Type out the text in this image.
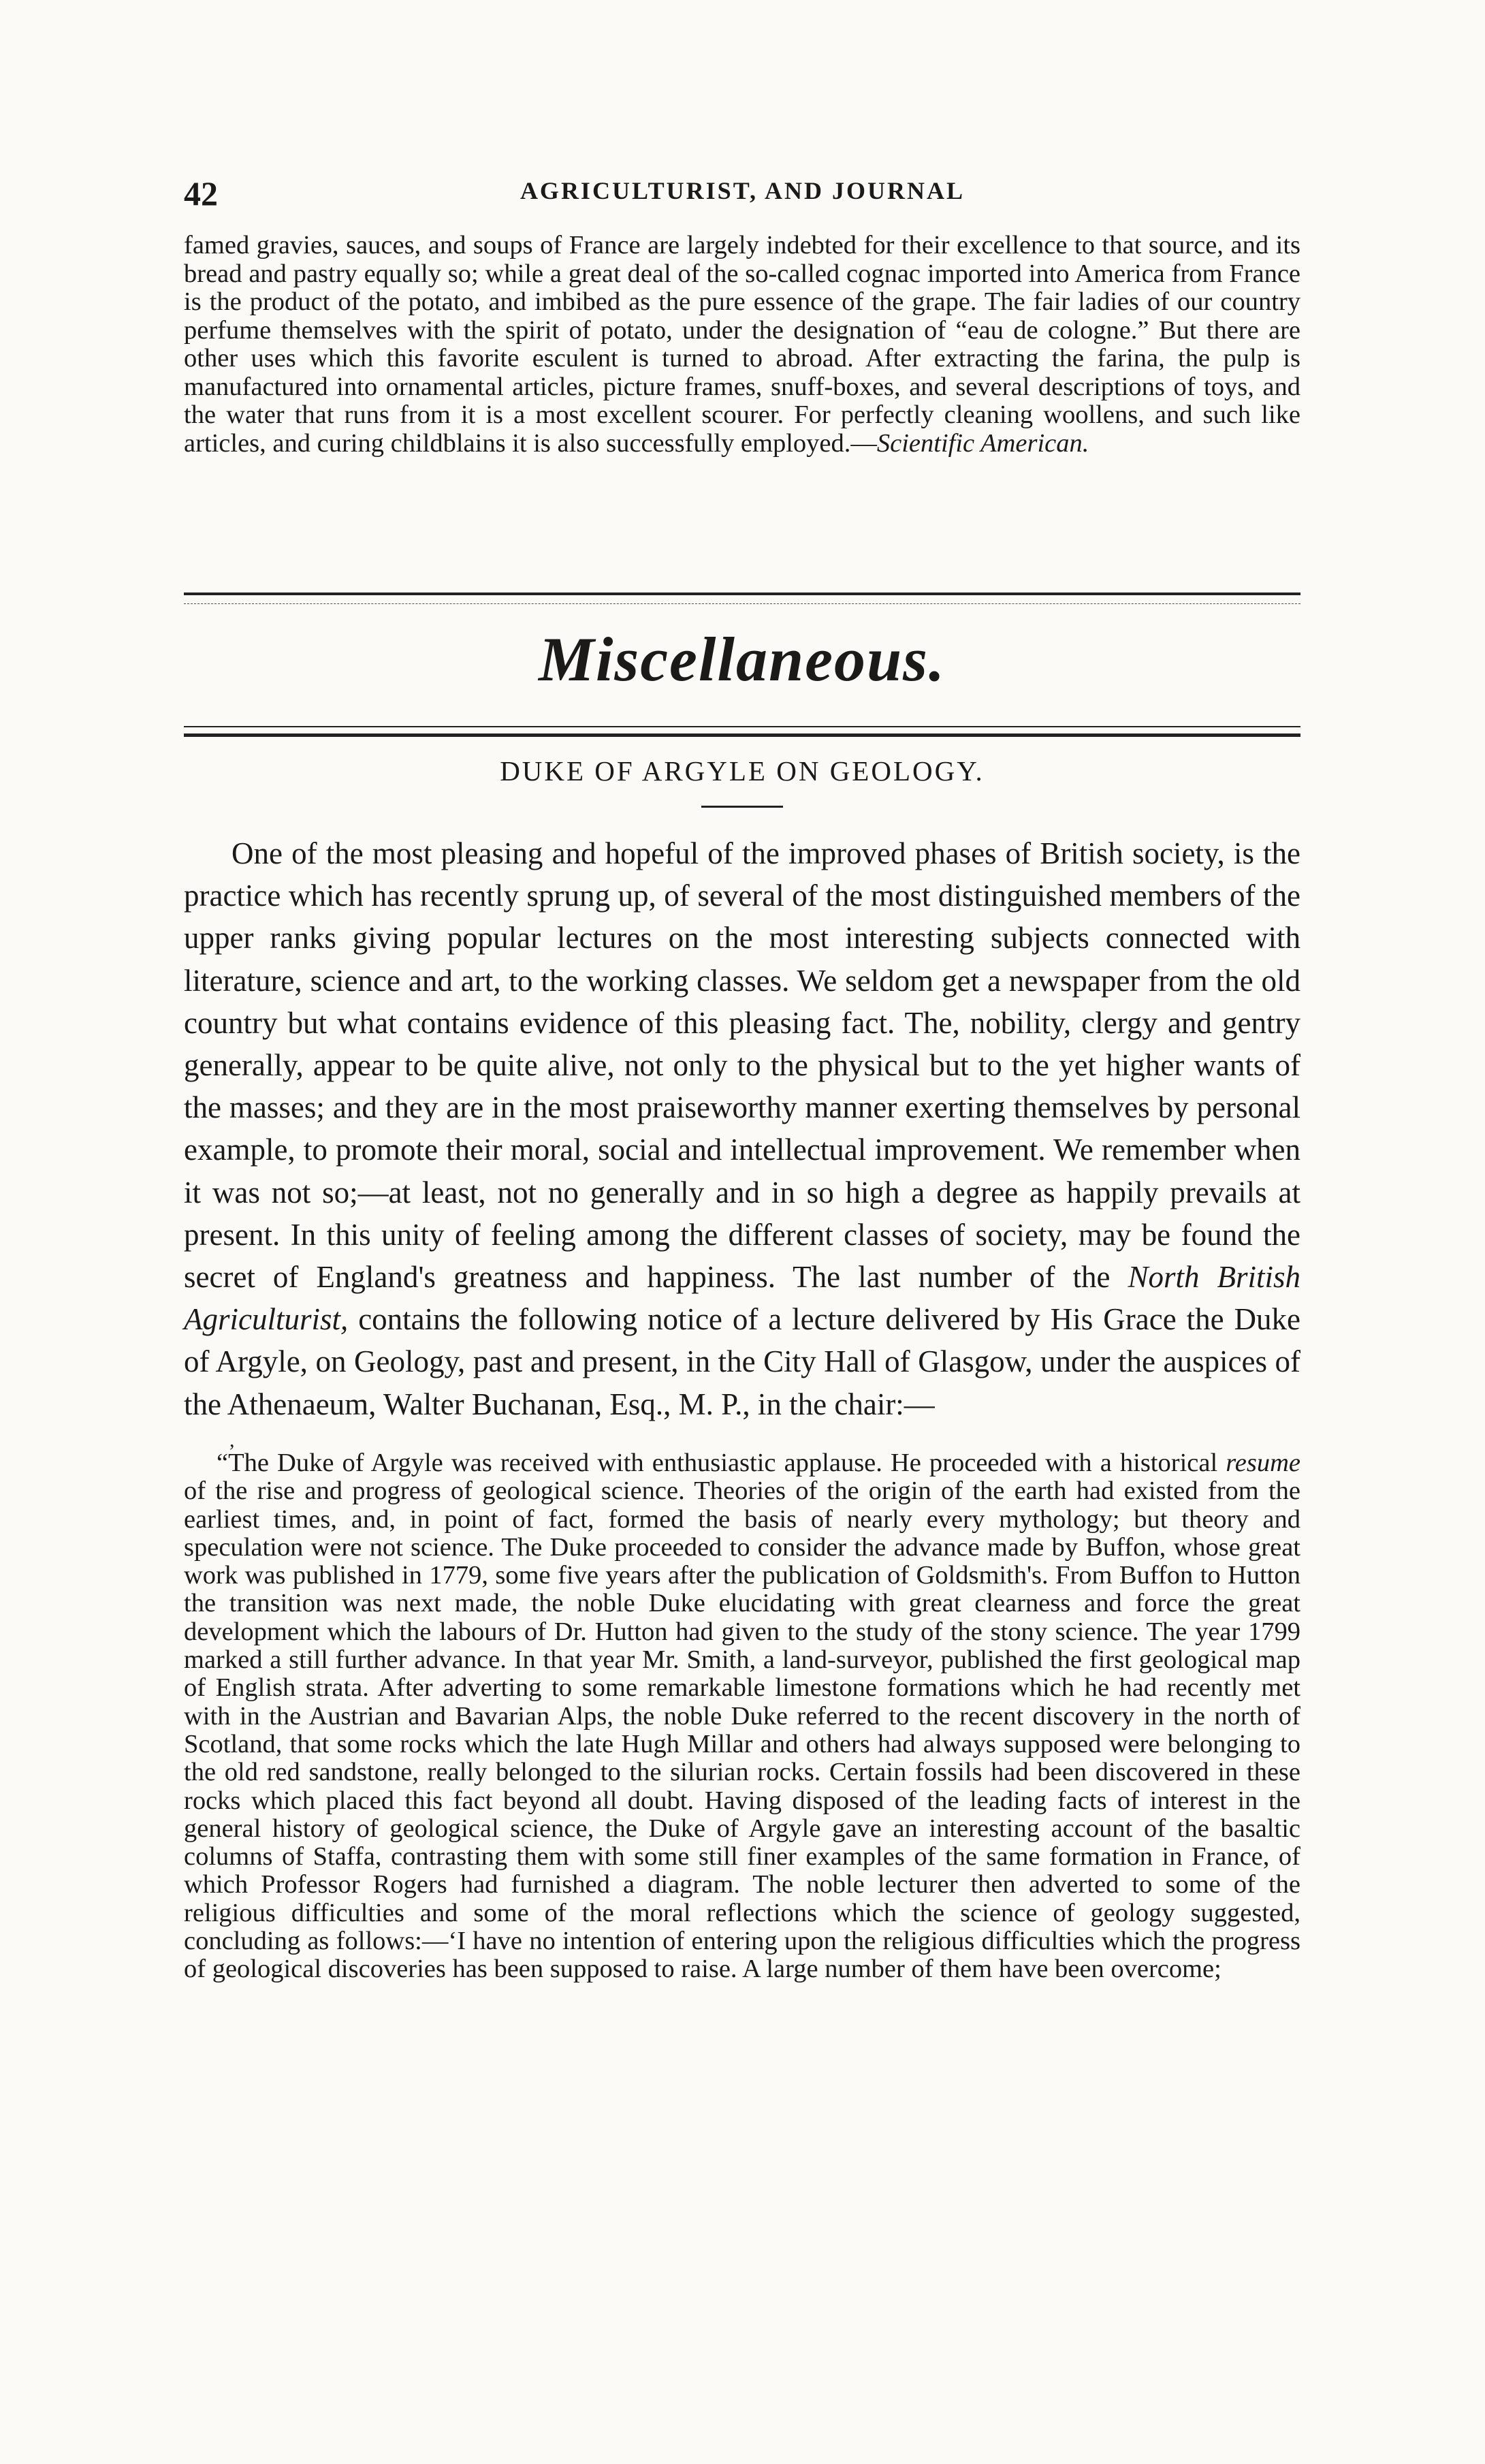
42	AGRICULTURIST, AND JOURNAL

famed gravies, sauces, and soups of France are largely indebted for their excellence to that source, and its bread and pastry equally so; while a great deal of the so-called cognac imported into America from France is the product of the potato, and imbibed as the pure essence of the grape. The fair ladies of our country perfume themselves with the spirit of potato, under the designation of “eau de cologne.” But there are other uses which this favorite esculent is turned to abroad. After extracting the farina, the pulp is manufactured into ornamental articles, picture frames, snuff-boxes, and several descriptions of toys, and the water that runs from it is a most excellent scourer. For perfectly cleaning woollens, and such like articles, and curing childblains it is also successfully employed.—Scientific American.

Miscellaneous.
DUKE OF ARGYLE ON GEOLOGY.

One of the most pleasing and hopeful of the improved phases of British society, is the practice which has recently sprung up, of several of the most distinguished members of the upper ranks giving popular lectures on the most interesting subjects connected with literature, science and art, to the working classes. We seldom get a newspaper from the old country but what contains evidence of this pleasing fact. The, nobility, clergy and gentry generally, appear to be quite alive, not only to the physical but to the yet higher wants of the masses; and they are in the most praiseworthy manner exerting themselves by personal example, to promote their moral, social and intellectual improvement. We remember when it was not so;—at least, not no generally and in so high a degree as happily prevails at present. In this unity of feeling among the different classes of society, may be found the secret of England's greatness and happiness. The last number of the North British Agriculturist, contains the following notice of a lecture delivered by His Grace the Duke of Argyle, on Geology, past and present, in the City Hall of Glasgow, under the auspices of the Athenaeum, Walter Buchanan, Esq., M. P., in the chair:—

,

“The Duke of Argyle was received with enthusiastic applause. He proceeded with a historical resume of the rise and progress of geological science. Theories of the origin of the earth had existed from the earliest times, and, in point of fact, formed the basis of nearly every mythology; but theory and speculation were not science. The Duke proceeded to consider the advance made by Buffon, whose great work was published in 1779, some five years after the publication of Goldsmith's. From Buffon to Hutton the transition was next made, the noble Duke elucidating with great clearness and force the great development which the labours of Dr. Hutton had given to the study of the stony science. The year 1799 marked a still further advance. In that year Mr. Smith, a land-surveyor, published the first geological map of English strata. After adverting to some remarkable limestone formations which he had recently met with in the Austrian and Bavarian Alps, the noble Duke referred to the recent discovery in the north of Scotland, that some rocks which the late Hugh Millar and others had always supposed were belonging to the old red sandstone, really belonged to the silurian rocks. Certain fossils had been discovered in these rocks which placed this fact beyond all doubt. Having disposed of the leading facts of interest in the general history of geological science, the Duke of Argyle gave an interesting account of the basaltic columns of Staffa, contrasting them with some still finer examples of the same formation in France, of which Professor Rogers had furnished a diagram. The noble lecturer then adverted to some of the religious difficulties and some of the moral reflections which the science of geology suggested, concluding as follows:—‘I have no intention of entering upon the religious difficulties which the progress of geological discoveries has been supposed to raise. A large number of them have been overcome;
